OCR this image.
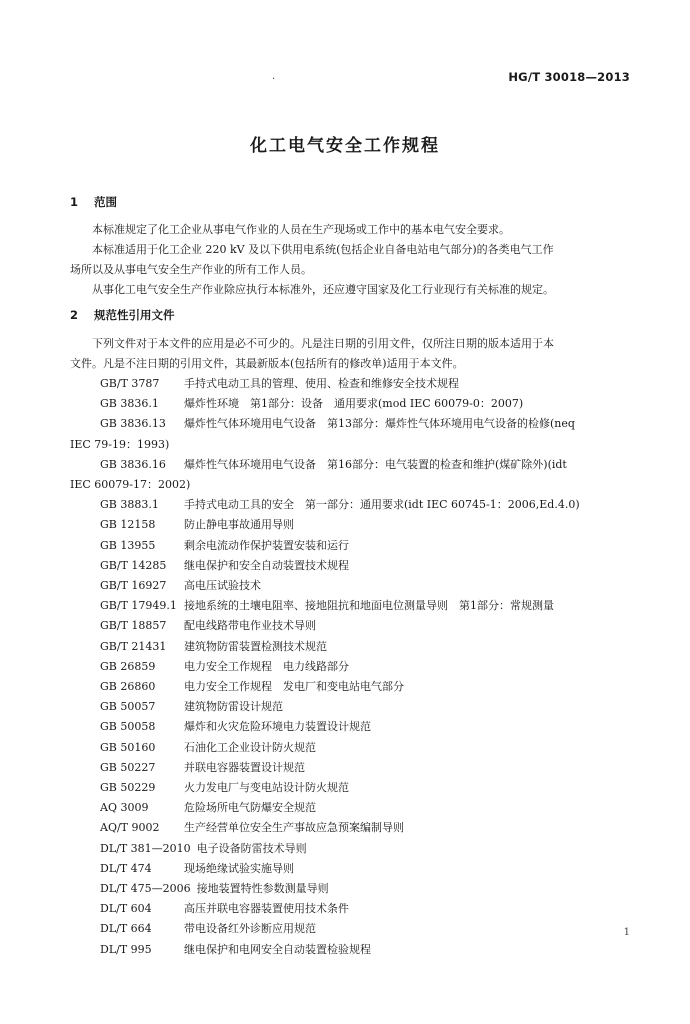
.	HG/T 30018—2013
化工电气安全工作规程
1 范围
本标准规定了化工企业从事电气作业的人员在生产现场或工作中的基本电气安全要求。
本标准适用于化工企业 220 kV 及以下供用电系统(包括企业自备电站电气部分)的各类电气工作
场所以及从事电气安全生产作业的所有工作人员。
从事化工电气安全生产作业除应执行本标准外，还应遵守国家及化工行业现行有关标准的规定。
2 规范性引用文件
下列文件对于本文件的应用是必不可少的。凡是注日期的引用文件，仅所注日期的版本适用于本
文件。凡是不注日期的引用文件，其最新版本(包括所有的修改单)适用于本文件。
GB/T 3787 手持式电动工具的管理、使用、检查和维修安全技术规程
GB 3836.1 爆炸性环境　第1部分：设备　通用要求(mod IEC 60079-0：2007)
GB 3836.13 爆炸性气体环境用电气设备　第13部分：爆炸性气体环境用电气设备的检修(neq
IEC 79-19：1993)
GB 3836.16 爆炸性气体环境用电气设备　第16部分：电气装置的检查和维护(煤矿除外)(idt
IEC 60079-17：2002)
GB 3883.1 手持式电动工具的安全　第一部分：通用要求(idt IEC 60745-1：2006,Ed.4.0)
GB 12158	防止静电事故通用导则
GB 13955	剩余电流动作保护装置安装和运行
GB/T 14285 继电保护和安全自动装置技术规程
GB/T 16927 高电压试验技术
GB/T 17949.1 接地系统的土壤电阻率、接地阻抗和地面电位测量导则　第1部分：常规测量
GB/T 18857 配电线路带电作业技术导则
GB/T 21431 建筑物防雷装置检测技术规范
GB 26859	电力安全工作规程　电力线路部分
GB 26860	电力安全工作规程　发电厂和变电站电气部分
GB 50057	建筑物防雷设计规范
GB 50058	爆炸和火灾危险环境电力装置设计规范
GB 50160	石油化工企业设计防火规范
GB 50227	并联电容器装置设计规范
GB 50229	火力发电厂与变电站设计防火规范
AQ 3009	危险场所电气防爆安全规范
AQ/T 9002 生产经营单位安全生产事故应急预案编制导则
DL/T 381—2010 电子设备防雷技术导则
DL/T 474	现场绝缘试验实施导则
DL/T 475—2006 接地装置特性参数测量导则
DL/T 604	高压并联电容器装置使用技术条件
DL/T 664	带电设备红外诊断应用规范
DL/T 995	继电保护和电网安全自动装置检验规程
1
